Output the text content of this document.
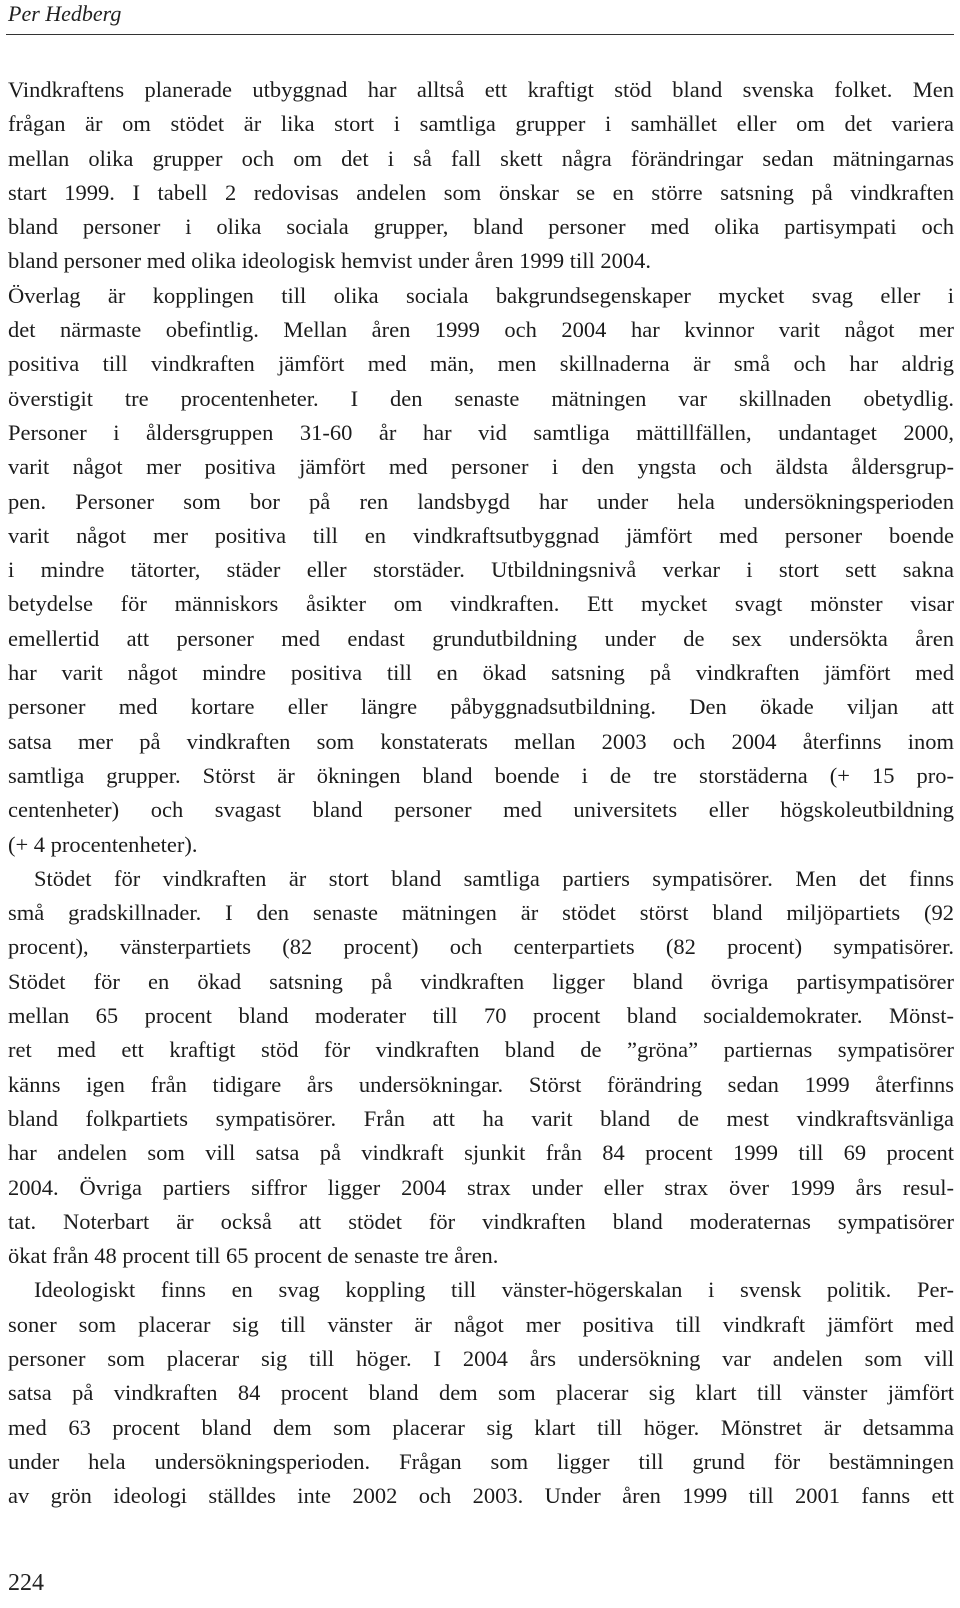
Per Hedberg
Vindkraftens planerade utbyggnad har alltså ett kraftigt stöd bland svenska folket. Men
frågan är om stödet är lika stort i samtliga grupper i samhället eller om det variera
mellan olika grupper och om det i så fall skett några förändringar sedan mätningarnas
start 1999. I tabell 2 redovisas andelen som önskar se en större satsning på vindkraften
bland personer i olika sociala grupper, bland personer med olika partisympati och
bland personer med olika ideologisk hemvist under åren 1999 till 2004.
Överlag är kopplingen till olika sociala bakgrundsegenskaper mycket svag eller i
det närmaste obefintlig. Mellan åren 1999 och 2004 har kvinnor varit något mer
positiva till vindkraften jämfört med män, men skillnaderna är små och har aldrig
överstigit tre procentenheter. I den senaste mätningen var skillnaden obetydlig.
Personer i åldersgruppen 31-60 år har vid samtliga mättillfällen, undantaget 2000,
varit något mer positiva jämfört med personer i den yngsta och äldsta åldersgrup-
pen. Personer som bor på ren landsbygd har under hela undersökningsperioden
varit något mer positiva till en vindkraftsutbyggnad jämfört med personer boende
i mindre tätorter, städer eller storstäder. Utbildningsnivå verkar i stort sett sakna
betydelse för människors åsikter om vindkraften. Ett mycket svagt mönster visar
emellertid att personer med endast grundutbildning under de sex undersökta åren
har varit något mindre positiva till en ökad satsning på vindkraften jämfört med
personer med kortare eller längre påbyggnadsutbildning. Den ökade viljan att
satsa mer på vindkraften som konstaterats mellan 2003 och 2004 återfinns inom
samtliga grupper. Störst är ökningen bland boende i de tre storstäderna (+ 15 pro-
centenheter) och svagast bland personer med universitets eller högskoleutbildning
(+ 4 procentenheter).
Stödet för vindkraften är stort bland samtliga partiers sympatisörer. Men det finns
små gradskillnader. I den senaste mätningen är stödet störst bland miljöpartiets (92
procent), vänsterpartiets (82 procent) och centerpartiets (82 procent) sympatisörer.
Stödet för en ökad satsning på vindkraften ligger bland övriga partisympatisörer
mellan 65 procent bland moderater till 70 procent bland socialdemokrater. Mönst-
ret med ett kraftigt stöd för vindkraften bland de ”gröna” partiernas sympatisörer
känns igen från tidigare års undersökningar. Störst förändring sedan 1999 återfinns
bland folkpartiets sympatisörer. Från att ha varit bland de mest vindkraftsvänliga
har andelen som vill satsa på vindkraft sjunkit från 84 procent 1999 till 69 procent
2004. Övriga partiers siffror ligger 2004 strax under eller strax över 1999 års resul-
tat. Noterbart är också att stödet för vindkraften bland moderaternas sympatisörer
ökat från 48 procent till 65 procent de senaste tre åren.
Ideologiskt finns en svag koppling till vänster-högerskalan i svensk politik. Per-
soner som placerar sig till vänster är något mer positiva till vindkraft jämfört med
personer som placerar sig till höger. I 2004 års undersökning var andelen som vill
satsa på vindkraften 84 procent bland dem som placerar sig klart till vänster jämfört
med 63 procent bland dem som placerar sig klart till höger. Mönstret är detsamma
under hela undersökningsperioden. Frågan som ligger till grund för bestämningen
av grön ideologi ställdes inte 2002 och 2003. Under åren 1999 till 2001 fanns ett
224
